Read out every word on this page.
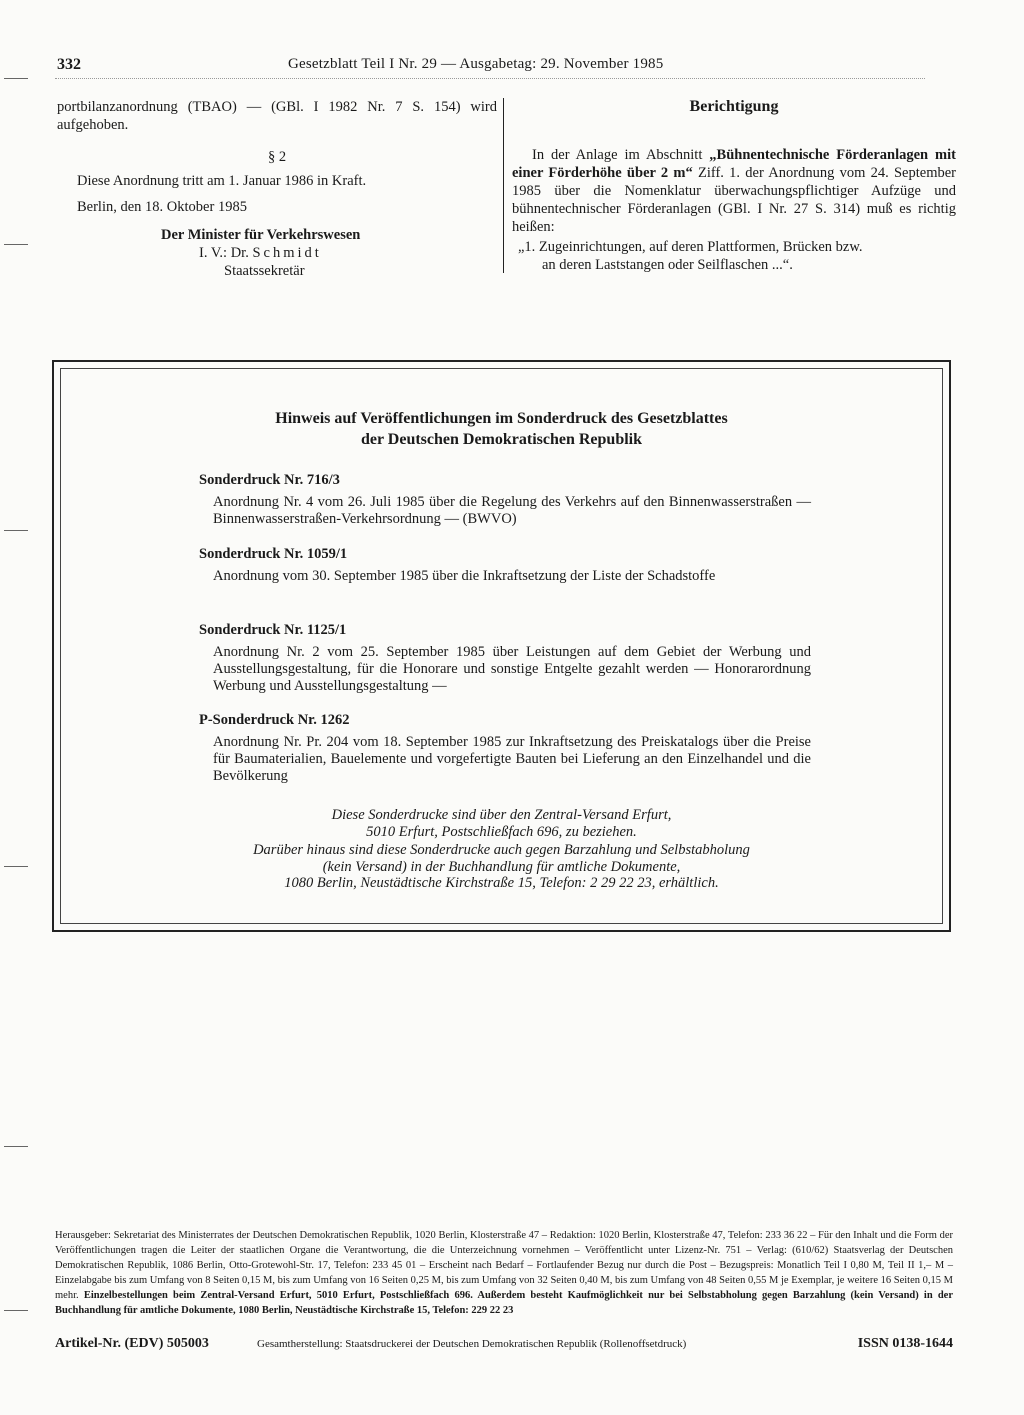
332	Gesetzblatt Teil I Nr. 29 — Ausgabetag: 29. November 1985

portbilanzanordnung (TBAO) — (GBl. I 1982 Nr. 7 S. 154) wird aufgehoben.

§ 2

Diese Anordnung tritt am 1. Januar 1986 in Kraft.

Berlin, den 18. Oktober 1985

Der Minister für Verkehrswesen

I. V.: Dr. Schmidt

Staatssekretär

Berichtigung

In der Anlage im Abschnitt „Bühnentechnische Förderanlagen mit einer Förderhöhe über 2 m“ Ziff. 1. der Anordnung vom 24. September 1985 über die Nomenklatur überwachungspflichtiger Aufzüge und bühnentechnischer Förderanlagen (GBl. I Nr. 27 S. 314) muß es richtig heißen:

„1. Zugeinrichtungen, auf deren Plattformen, Brücken bzw.

an deren Laststangen oder Seilflaschen ...“.

Hinweis auf Veröffentlichungen im Sonderdruck des Gesetzblattes
der Deutschen Demokratischen Republik
Sonderdruck Nr. 716/3
Anordnung Nr. 4 vom 26. Juli 1985 über die Regelung des Verkehrs auf den Binnenwasserstraßen — Binnenwasserstraßen-Verkehrsordnung — (BWVO)
Sonderdruck Nr. 1059/1
Anordnung vom 30. September 1985 über die Inkraftsetzung der Liste der Schadstoffe
Sonderdruck Nr. 1125/1
Anordnung Nr. 2 vom 25. September 1985 über Leistungen auf dem Gebiet der Werbung und Ausstellungsgestaltung, für die Honorare und sonstige Entgelte gezahlt werden — Honorarordnung Werbung und Ausstellungsgestaltung —
P-Sonderdruck Nr. 1262
Anordnung Nr. Pr. 204 vom 18. September 1985 zur Inkraftsetzung des Preiskatalogs über die Preise für Baumaterialien, Bauelemente und vorgefertigte Bauten bei Lieferung an den Einzelhandel und die Bevölkerung
Diese Sonderdrucke sind über den Zentral-Versand Erfurt,
5010 Erfurt, Postschließfach 696, zu beziehen.
Darüber hinaus sind diese Sonderdrucke auch gegen Barzahlung und Selbstabholung
(kein Versand) in der Buchhandlung für amtliche Dokumente,
1080 Berlin, Neustädtische Kirchstraße 15, Telefon: 2 29 22 23, erhältlich.
Herausgeber: Sekretariat des Ministerrates der Deutschen Demokratischen Republik, 1020 Berlin, Klosterstraße 47 – Redaktion: 1020 Berlin, Klosterstraße 47, Telefon: 233 36 22 – Für den Inhalt und die Form der Veröffentlichungen tragen die Leiter der staatlichen Organe die Verantwortung, die die Unterzeichnung vornehmen – Veröffentlicht unter Lizenz-Nr. 751 – Verlag: (610/62) Staatsverlag der Deutschen Demokratischen Republik, 1086 Berlin, Otto-Grotewohl-Str. 17, Telefon: 233 45 01 – Erscheint nach Bedarf – Fortlaufender Bezug nur durch die Post – Bezugspreis: Monatlich Teil I 0,80 M, Teil II 1,– M – Einzelabgabe bis zum Umfang von 8 Seiten 0,15 M, bis zum Umfang von 16 Seiten 0,25 M, bis zum Umfang von 32 Seiten 0,40 M, bis zum Umfang von 48 Seiten 0,55 M je Exemplar, je weitere 16 Seiten 0,15 M mehr. Einzelbestellungen beim Zentral-Versand Erfurt, 5010 Erfurt, Postschließfach 696. Außerdem besteht Kaufmöglichkeit nur bei Selbstabholung gegen Barzahlung (kein Versand) in der Buchhandlung für amtliche Dokumente, 1080 Berlin, Neustädtische Kirchstraße 15, Telefon: 229 22 23
Artikel-Nr. (EDV) 505003	Gesamtherstellung: Staatsdruckerei der Deutschen Demokratischen Republik (Rollenoffsetdruck)	ISSN 0138-1644
